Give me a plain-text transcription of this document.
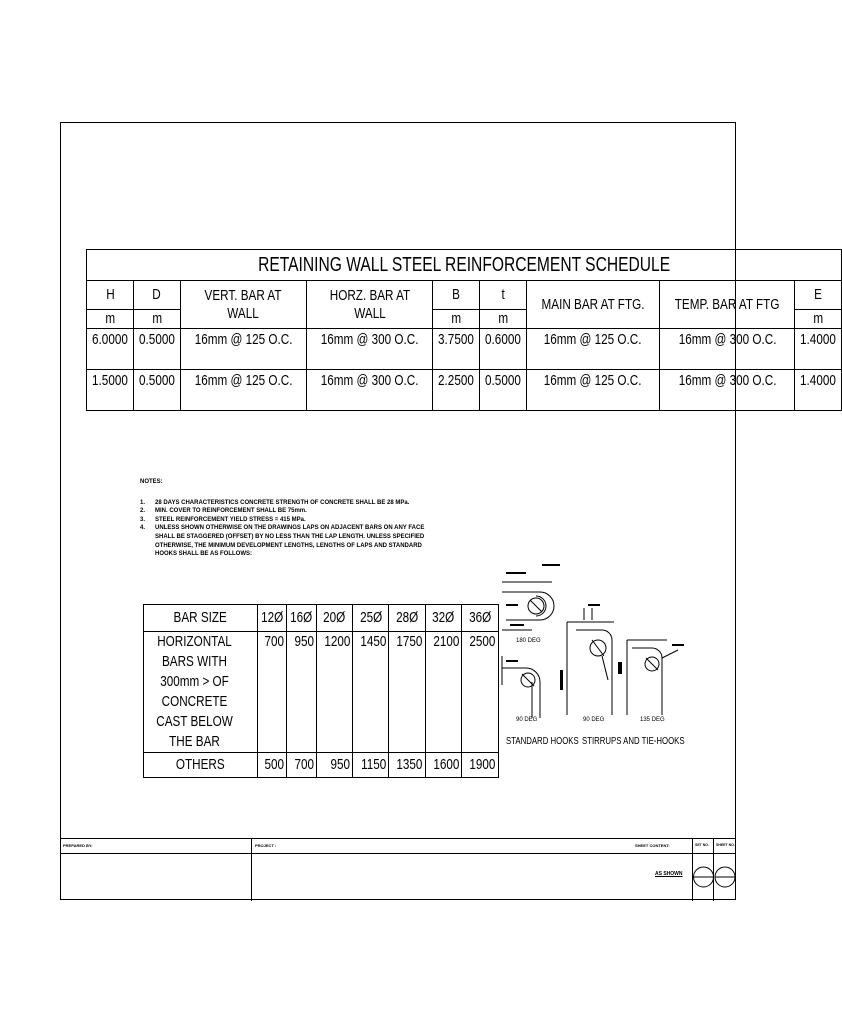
RETAINING WALL STEEL REINFORCEMENT SCHEDULE								
H	D	VERT. BAR AT WALL	HORZ. BAR AT WALL	B	t	MAIN BAR AT FTG.	TEMP. BAR AT FTG	E
m	m			m	m			m
6.0000	0.5000	16mm @ 125 O.C.	16mm @ 300 O.C.	3.7500	0.6000	16mm @ 125 O.C.	16mm @ 300 O.C.	1.4000
1.5000	0.5000	16mm @ 125 O.C.	16mm @ 300 O.C.	2.2500	0.5000	16mm @ 125 O.C.	16mm @ 300 O.C.	1.4000
NOTES:
1.	28 DAYS CHARACTERISTICS CONCRETE STRENGTH OF CONCRETE SHALL BE 28 MPa.
2.	MIN. COVER TO REINFORCEMENT SHALL BE 75mm.
3.	STEEL REINFORCEMENT YIELD STRESS = 415 MPa.
4.	UNLESS SHOWN OTHERWISE ON THE DRAWINGS LAPS ON ADJACENT BARS ON ANY FACE SHALL BE STAGGERED (OFFSET) BY NO LESS THAN THE LAP LENGTH. UNLESS SPECIFIED OTHERWISE, THE MINIMUM DEVELOPMENT LENGTHS, LENGTHS OF LAPS AND STANDARD HOOKS SHALL BE AS FOLLOWS:
BAR SIZE	12Ø	16Ø	20Ø	25Ø	28Ø	32Ø	36Ø
HORIZONTAL BARS WITH 300mm > OF CONCRETE CAST BELOW THE BAR	700	950	1200	1450	1750	2100	2500
OTHERS	500	700	950	1150	1350	1600	1900
180 DEG
90 DEG	90 DEG	135 DEG
STANDARD HOOKS STIRRUPS AND TIE-HOOKS
PREPARED BY:	PROJECT :	SHEET CONTENT:
AS SHOWN
SET NO. SHEET NO.
